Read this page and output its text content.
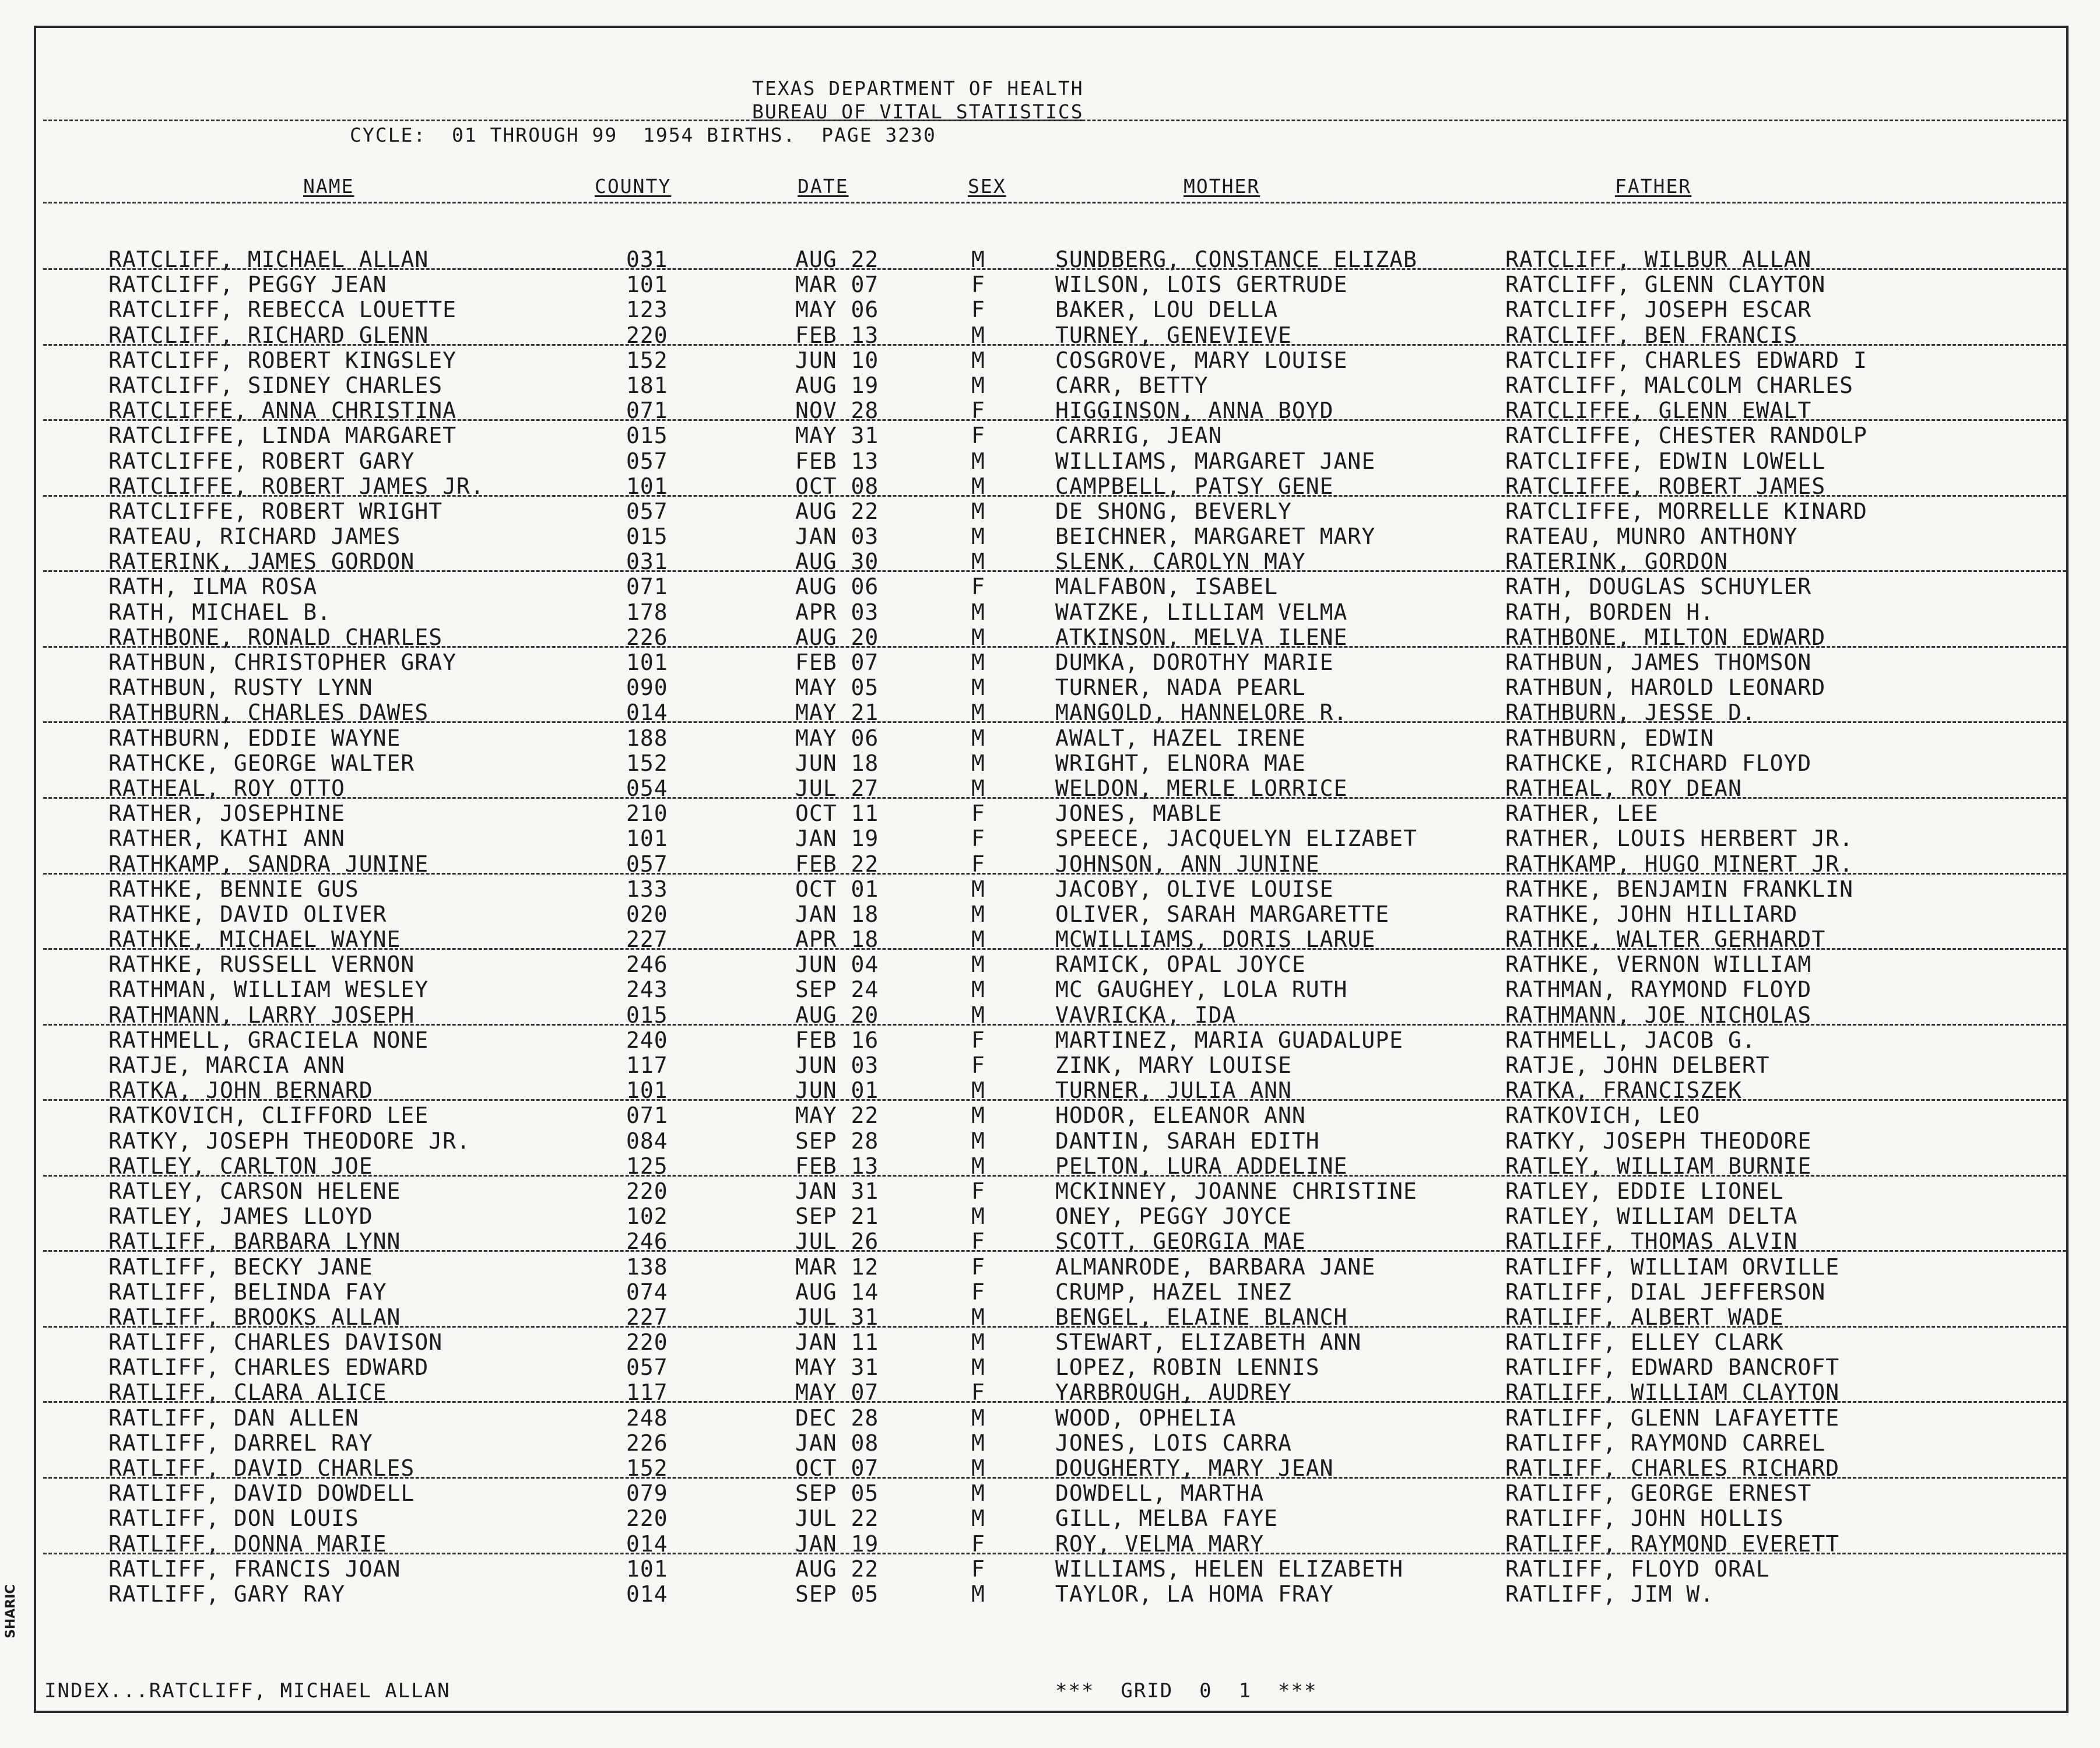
TEXAS DEPARTMENT OF HEALTH
BUREAU OF VITAL STATISTICS
CYCLE:  01 THROUGH 99  1954 BIRTHS.  PAGE 3230
NAME	COUNTY	DATE	SEX	MOTHER	FATHER
RATCLIFF, MICHAEL ALLAN	031	AUG 22	M	SUNDBERG, CONSTANCE ELIZAB	RATCLIFF, WILBUR ALLAN
RATCLIFF, PEGGY JEAN	101	MAR 07	F	WILSON, LOIS GERTRUDE	RATCLIFF, GLENN CLAYTON
RATCLIFF, REBECCA LOUETTE	123	MAY 06	F	BAKER, LOU DELLA	RATCLIFF, JOSEPH ESCAR
RATCLIFF, RICHARD GLENN	220	FEB 13	M	TURNEY, GENEVIEVE	RATCLIFF, BEN FRANCIS
RATCLIFF, ROBERT KINGSLEY	152	JUN 10	M	COSGROVE, MARY LOUISE	RATCLIFF, CHARLES EDWARD I
RATCLIFF, SIDNEY CHARLES	181	AUG 19	M	CARR, BETTY	RATCLIFF, MALCOLM CHARLES
RATCLIFFE, ANNA CHRISTINA	071	NOV 28	F	HIGGINSON, ANNA BOYD	RATCLIFFE, GLENN EWALT
RATCLIFFE, LINDA MARGARET	015	MAY 31	F	CARRIG, JEAN	RATCLIFFE, CHESTER RANDOLP
RATCLIFFE, ROBERT GARY	057	FEB 13	M	WILLIAMS, MARGARET JANE	RATCLIFFE, EDWIN LOWELL
RATCLIFFE, ROBERT JAMES JR.	101	OCT 08	M	CAMPBELL, PATSY GENE	RATCLIFFE, ROBERT JAMES
RATCLIFFE, ROBERT WRIGHT	057	AUG 22	M	DE SHONG, BEVERLY	RATCLIFFE, MORRELLE KINARD
RATEAU, RICHARD JAMES	015	JAN 03	M	BEICHNER, MARGARET MARY	RATEAU, MUNRO ANTHONY
RATERINK, JAMES GORDON	031	AUG 30	M	SLENK, CAROLYN MAY	RATERINK, GORDON
RATH, ILMA ROSA	071	AUG 06	F	MALFABON, ISABEL	RATH, DOUGLAS SCHUYLER
RATH, MICHAEL B.	178	APR 03	M	WATZKE, LILLIAM VELMA	RATH, BORDEN H.
RATHBONE, RONALD CHARLES	226	AUG 20	M	ATKINSON, MELVA ILENE	RATHBONE, MILTON EDWARD
RATHBUN, CHRISTOPHER GRAY	101	FEB 07	M	DUMKA, DOROTHY MARIE	RATHBUN, JAMES THOMSON
RATHBUN, RUSTY LYNN	090	MAY 05	M	TURNER, NADA PEARL	RATHBUN, HAROLD LEONARD
RATHBURN, CHARLES DAWES	014	MAY 21	M	MANGOLD, HANNELORE R.	RATHBURN, JESSE D.
RATHBURN, EDDIE WAYNE	188	MAY 06	M	AWALT, HAZEL IRENE	RATHBURN, EDWIN
RATHCKE, GEORGE WALTER	152	JUN 18	M	WRIGHT, ELNORA MAE	RATHCKE, RICHARD FLOYD
RATHEAL, ROY OTTO	054	JUL 27	M	WELDON, MERLE LORRICE	RATHEAL, ROY DEAN
RATHER, JOSEPHINE	210	OCT 11	F	JONES, MABLE	RATHER, LEE
RATHER, KATHI ANN	101	JAN 19	F	SPEECE, JACQUELYN ELIZABET	RATHER, LOUIS HERBERT JR.
RATHKAMP, SANDRA JUNINE	057	FEB 22	F	JOHNSON, ANN JUNINE	RATHKAMP, HUGO MINERT JR.
RATHKE, BENNIE GUS	133	OCT 01	M	JACOBY, OLIVE LOUISE	RATHKE, BENJAMIN FRANKLIN
RATHKE, DAVID OLIVER	020	JAN 18	M	OLIVER, SARAH MARGARETTE	RATHKE, JOHN HILLIARD
RATHKE, MICHAEL WAYNE	227	APR 18	M	MCWILLIAMS, DORIS LARUE	RATHKE, WALTER GERHARDT
RATHKE, RUSSELL VERNON	246	JUN 04	M	RAMICK, OPAL JOYCE	RATHKE, VERNON WILLIAM
RATHMAN, WILLIAM WESLEY	243	SEP 24	M	MC GAUGHEY, LOLA RUTH	RATHMAN, RAYMOND FLOYD
RATHMANN, LARRY JOSEPH	015	AUG 20	M	VAVRICKA, IDA	RATHMANN, JOE NICHOLAS
RATHMELL, GRACIELA NONE	240	FEB 16	F	MARTINEZ, MARIA GUADALUPE	RATHMELL, JACOB G.
RATJE, MARCIA ANN	117	JUN 03	F	ZINK, MARY LOUISE	RATJE, JOHN DELBERT
RATKA, JOHN BERNARD	101	JUN 01	M	TURNER, JULIA ANN	RATKA, FRANCISZEK
RATKOVICH, CLIFFORD LEE	071	MAY 22	M	HODOR, ELEANOR ANN	RATKOVICH, LEO
RATKY, JOSEPH THEODORE JR.	084	SEP 28	M	DANTIN, SARAH EDITH	RATKY, JOSEPH THEODORE
RATLEY, CARLTON JOE	125	FEB 13	M	PELTON, LURA ADDELINE	RATLEY, WILLIAM BURNIE
RATLEY, CARSON HELENE	220	JAN 31	F	MCKINNEY, JOANNE CHRISTINE	RATLEY, EDDIE LIONEL
RATLEY, JAMES LLOYD	102	SEP 21	M	ONEY, PEGGY JOYCE	RATLEY, WILLIAM DELTA
RATLIFF, BARBARA LYNN	246	JUL 26	F	SCOTT, GEORGIA MAE	RATLIFF, THOMAS ALVIN
RATLIFF, BECKY JANE	138	MAR 12	F	ALMANRODE, BARBARA JANE	RATLIFF, WILLIAM ORVILLE
RATLIFF, BELINDA FAY	074	AUG 14	F	CRUMP, HAZEL INEZ	RATLIFF, DIAL JEFFERSON
RATLIFF, BROOKS ALLAN	227	JUL 31	M	BENGEL, ELAINE BLANCH	RATLIFF, ALBERT WADE
RATLIFF, CHARLES DAVISON	220	JAN 11	M	STEWART, ELIZABETH ANN	RATLIFF, ELLEY CLARK
RATLIFF, CHARLES EDWARD	057	MAY 31	M	LOPEZ, ROBIN LENNIS	RATLIFF, EDWARD BANCROFT
RATLIFF, CLARA ALICE	117	MAY 07	F	YARBROUGH, AUDREY	RATLIFF, WILLIAM CLAYTON
RATLIFF, DAN ALLEN	248	DEC 28	M	WOOD, OPHELIA	RATLIFF, GLENN LAFAYETTE
RATLIFF, DARREL RAY	226	JAN 08	M	JONES, LOIS CARRA	RATLIFF, RAYMOND CARREL
RATLIFF, DAVID CHARLES	152	OCT 07	M	DOUGHERTY, MARY JEAN	RATLIFF, CHARLES RICHARD
RATLIFF, DAVID DOWDELL	079	SEP 05	M	DOWDELL, MARTHA	RATLIFF, GEORGE ERNEST
RATLIFF, DON LOUIS	220	JUL 22	M	GILL, MELBA FAYE	RATLIFF, JOHN HOLLIS
RATLIFF, DONNA MARIE	014	JAN 19	F	ROY, VELMA MARY	RATLIFF, RAYMOND EVERETT
RATLIFF, FRANCIS JOAN	101	AUG 22	F	WILLIAMS, HELEN ELIZABETH	RATLIFF, FLOYD ORAL
RATLIFF, GARY RAY	014	SEP 05	M	TAYLOR, LA HOMA FRAY	RATLIFF, JIM W.
INDEX...RATCLIFF, MICHAEL ALLAN	***  GRID  0  1  ***
SHARIC
